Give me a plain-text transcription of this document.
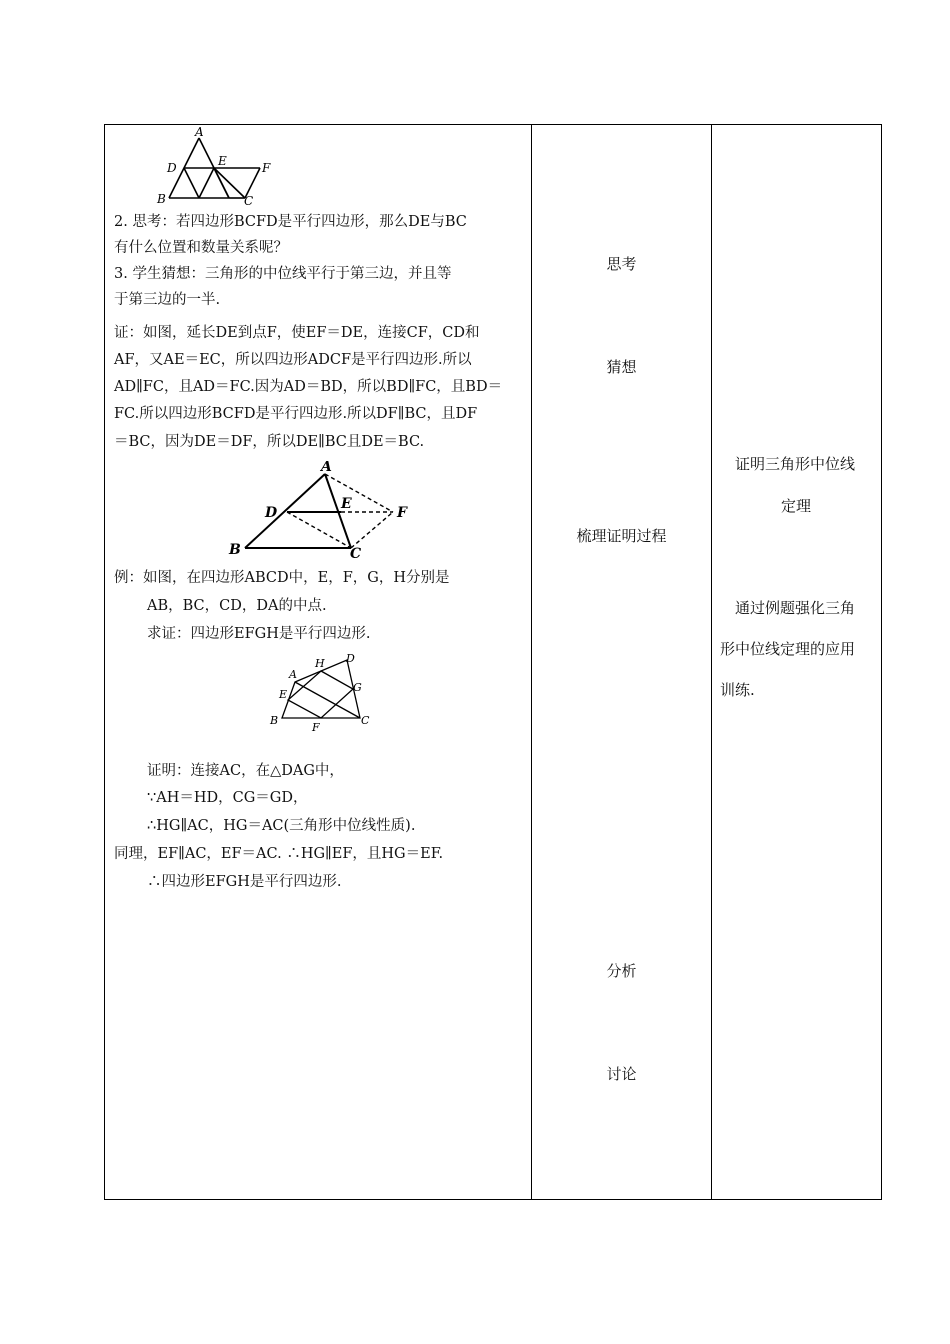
A
D	E	F
B	C
2. 思考：若四边形BCFD是平行四边形，那么DE与BC
有什么位置和数量关系呢？
3. 学生猜想：三角形的中位线平行于第三边，并且等
于第三边的一半.
证：如图，延长DE到点F，使EF＝DE，连接CF，CD和
AF，又AE＝EC，所以四边形ADCF是平行四边形.所以
AD∥FC，且AD＝FC.因为AD＝BD，所以BD∥FC，且BD＝
FC.所以四边形BCFD是平行四边形.所以DF∥BC，且DF
＝BC，因为DE＝DF，所以DE∥BC且DE＝BC.
A
D
E
F
B	C
例：如图，在四边形ABCD中，E，F，G，H分别是
AB，BC，CD，DA的中点.
求证：四边形EFGH是平行四边形.
A
H D
E
G
B
F
C
证明：连接AC，在△DAG中，
∵AH＝HD，CG＝GD，
∴HG∥AC，HG＝AC(三角形中位线性质).
同理，EF∥AC，EF＝AC. ∴HG∥EF，且HG＝EF.
∴四边形EFGH是平行四边形.
思考
猜想
梳理证明过程
分析
讨论
证明三角形中位线
定理
通过例题强化三角
形中位线定理的应用
训练.
